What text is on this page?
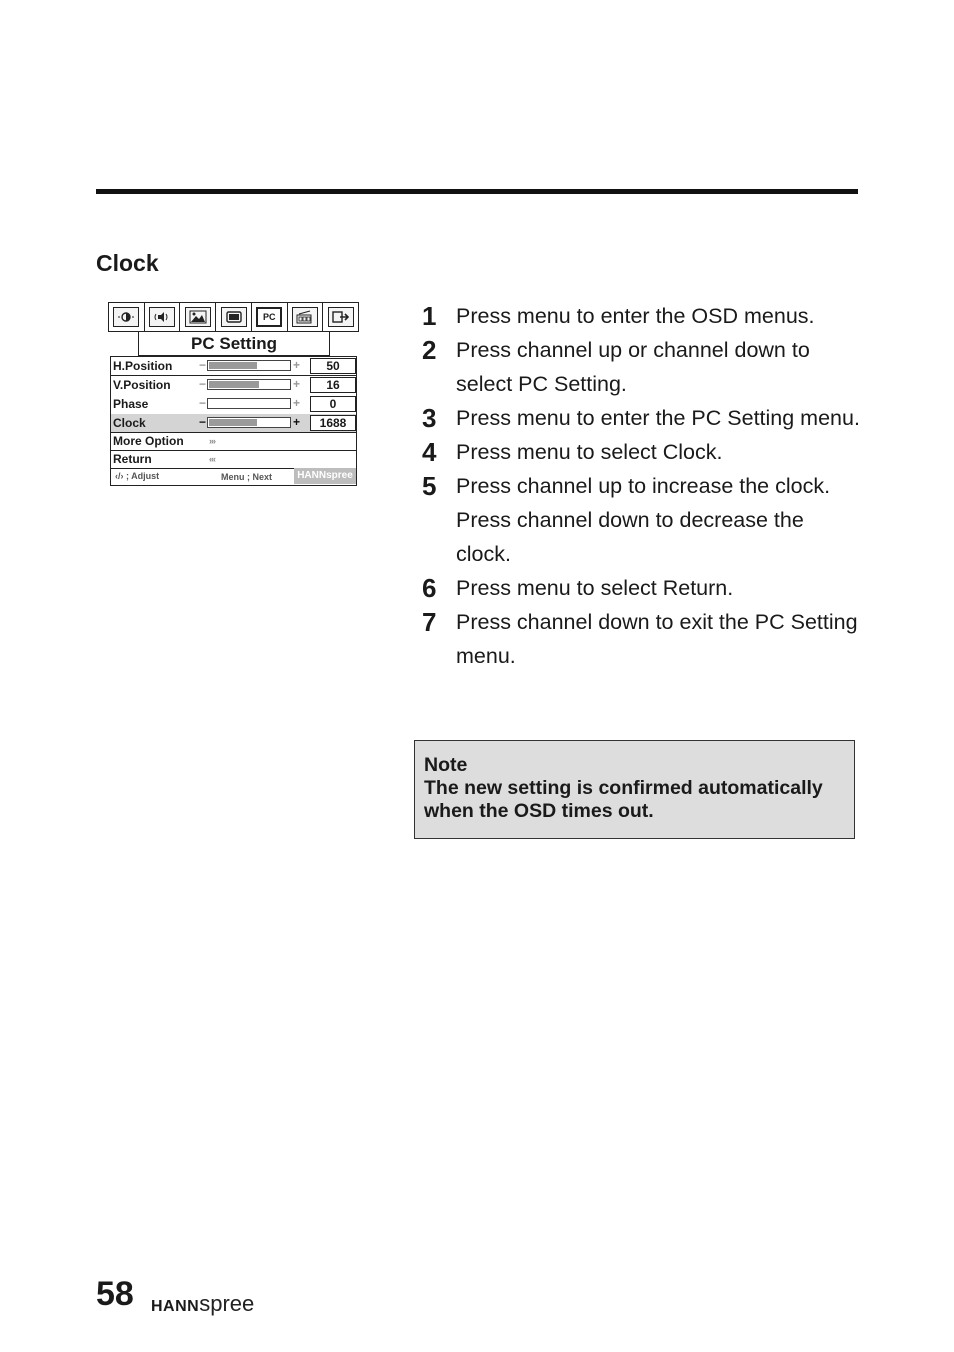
Clock
PC
PC Setting
H.Position −	+	50
V.Position −	+	16
Phase	−	+	0
Clock	−	+	1688
More Option	›››
Return	‹‹‹
‹/› ; Adjust	Menu ; Next	HANNspree
1 Press menu to enter the OSD menus.
2 Press channel up or channel down to select PC Setting.
3 Press menu to enter the PC Setting menu.
4 Press menu to select Clock.
5 Press channel up to increase the clock. Press channel down to decrease the clock.
6 Press menu to select Return.
7 Press channel down to exit the PC Setting menu.
Note
The new setting is confirmed automatically when the OSD times out.
58 HANNspree
